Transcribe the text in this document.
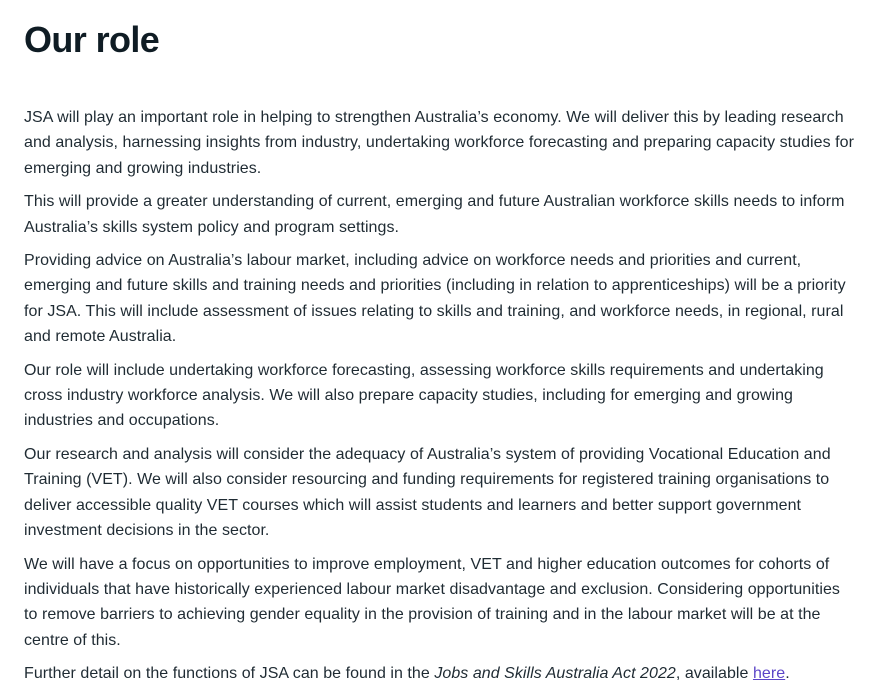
Our role

JSA will play an important role in helping to strengthen Australia’s economy. We will deliver this by leading research and analysis, harnessing insights from industry, undertaking workforce forecasting and preparing capacity studies for emerging and growing industries.

This will provide a greater understanding of current, emerging and future Australian workforce skills needs to inform Australia’s skills system policy and program settings.

Providing advice on Australia’s labour market, including advice on workforce needs and priorities and current, emerging and future skills and training needs and priorities (including in relation to apprenticeships) will be a priority for JSA. This will include assessment of issues relating to skills and training, and workforce needs, in regional, rural and remote Australia.

Our role will include undertaking workforce forecasting, assessing workforce skills requirements and undertaking cross industry workforce analysis. We will also prepare capacity studies, including for emerging and growing industries and occupations.

Our research and analysis will consider the adequacy of Australia’s system of providing Vocational Education and Training (VET). We will also consider resourcing and funding requirements for registered training organisations to deliver accessible quality VET courses which will assist students and learners and better support government investment decisions in the sector.

We will have a focus on opportunities to improve employment, VET and higher education outcomes for cohorts of individuals that have historically experienced labour market disadvantage and exclusion. Considering opportunities to remove barriers to achieving gender equality in the provision of training and in the labour market will be at the centre of this.

Further detail on the functions of JSA can be found in the Jobs and Skills Australia Act 2022, available here.
